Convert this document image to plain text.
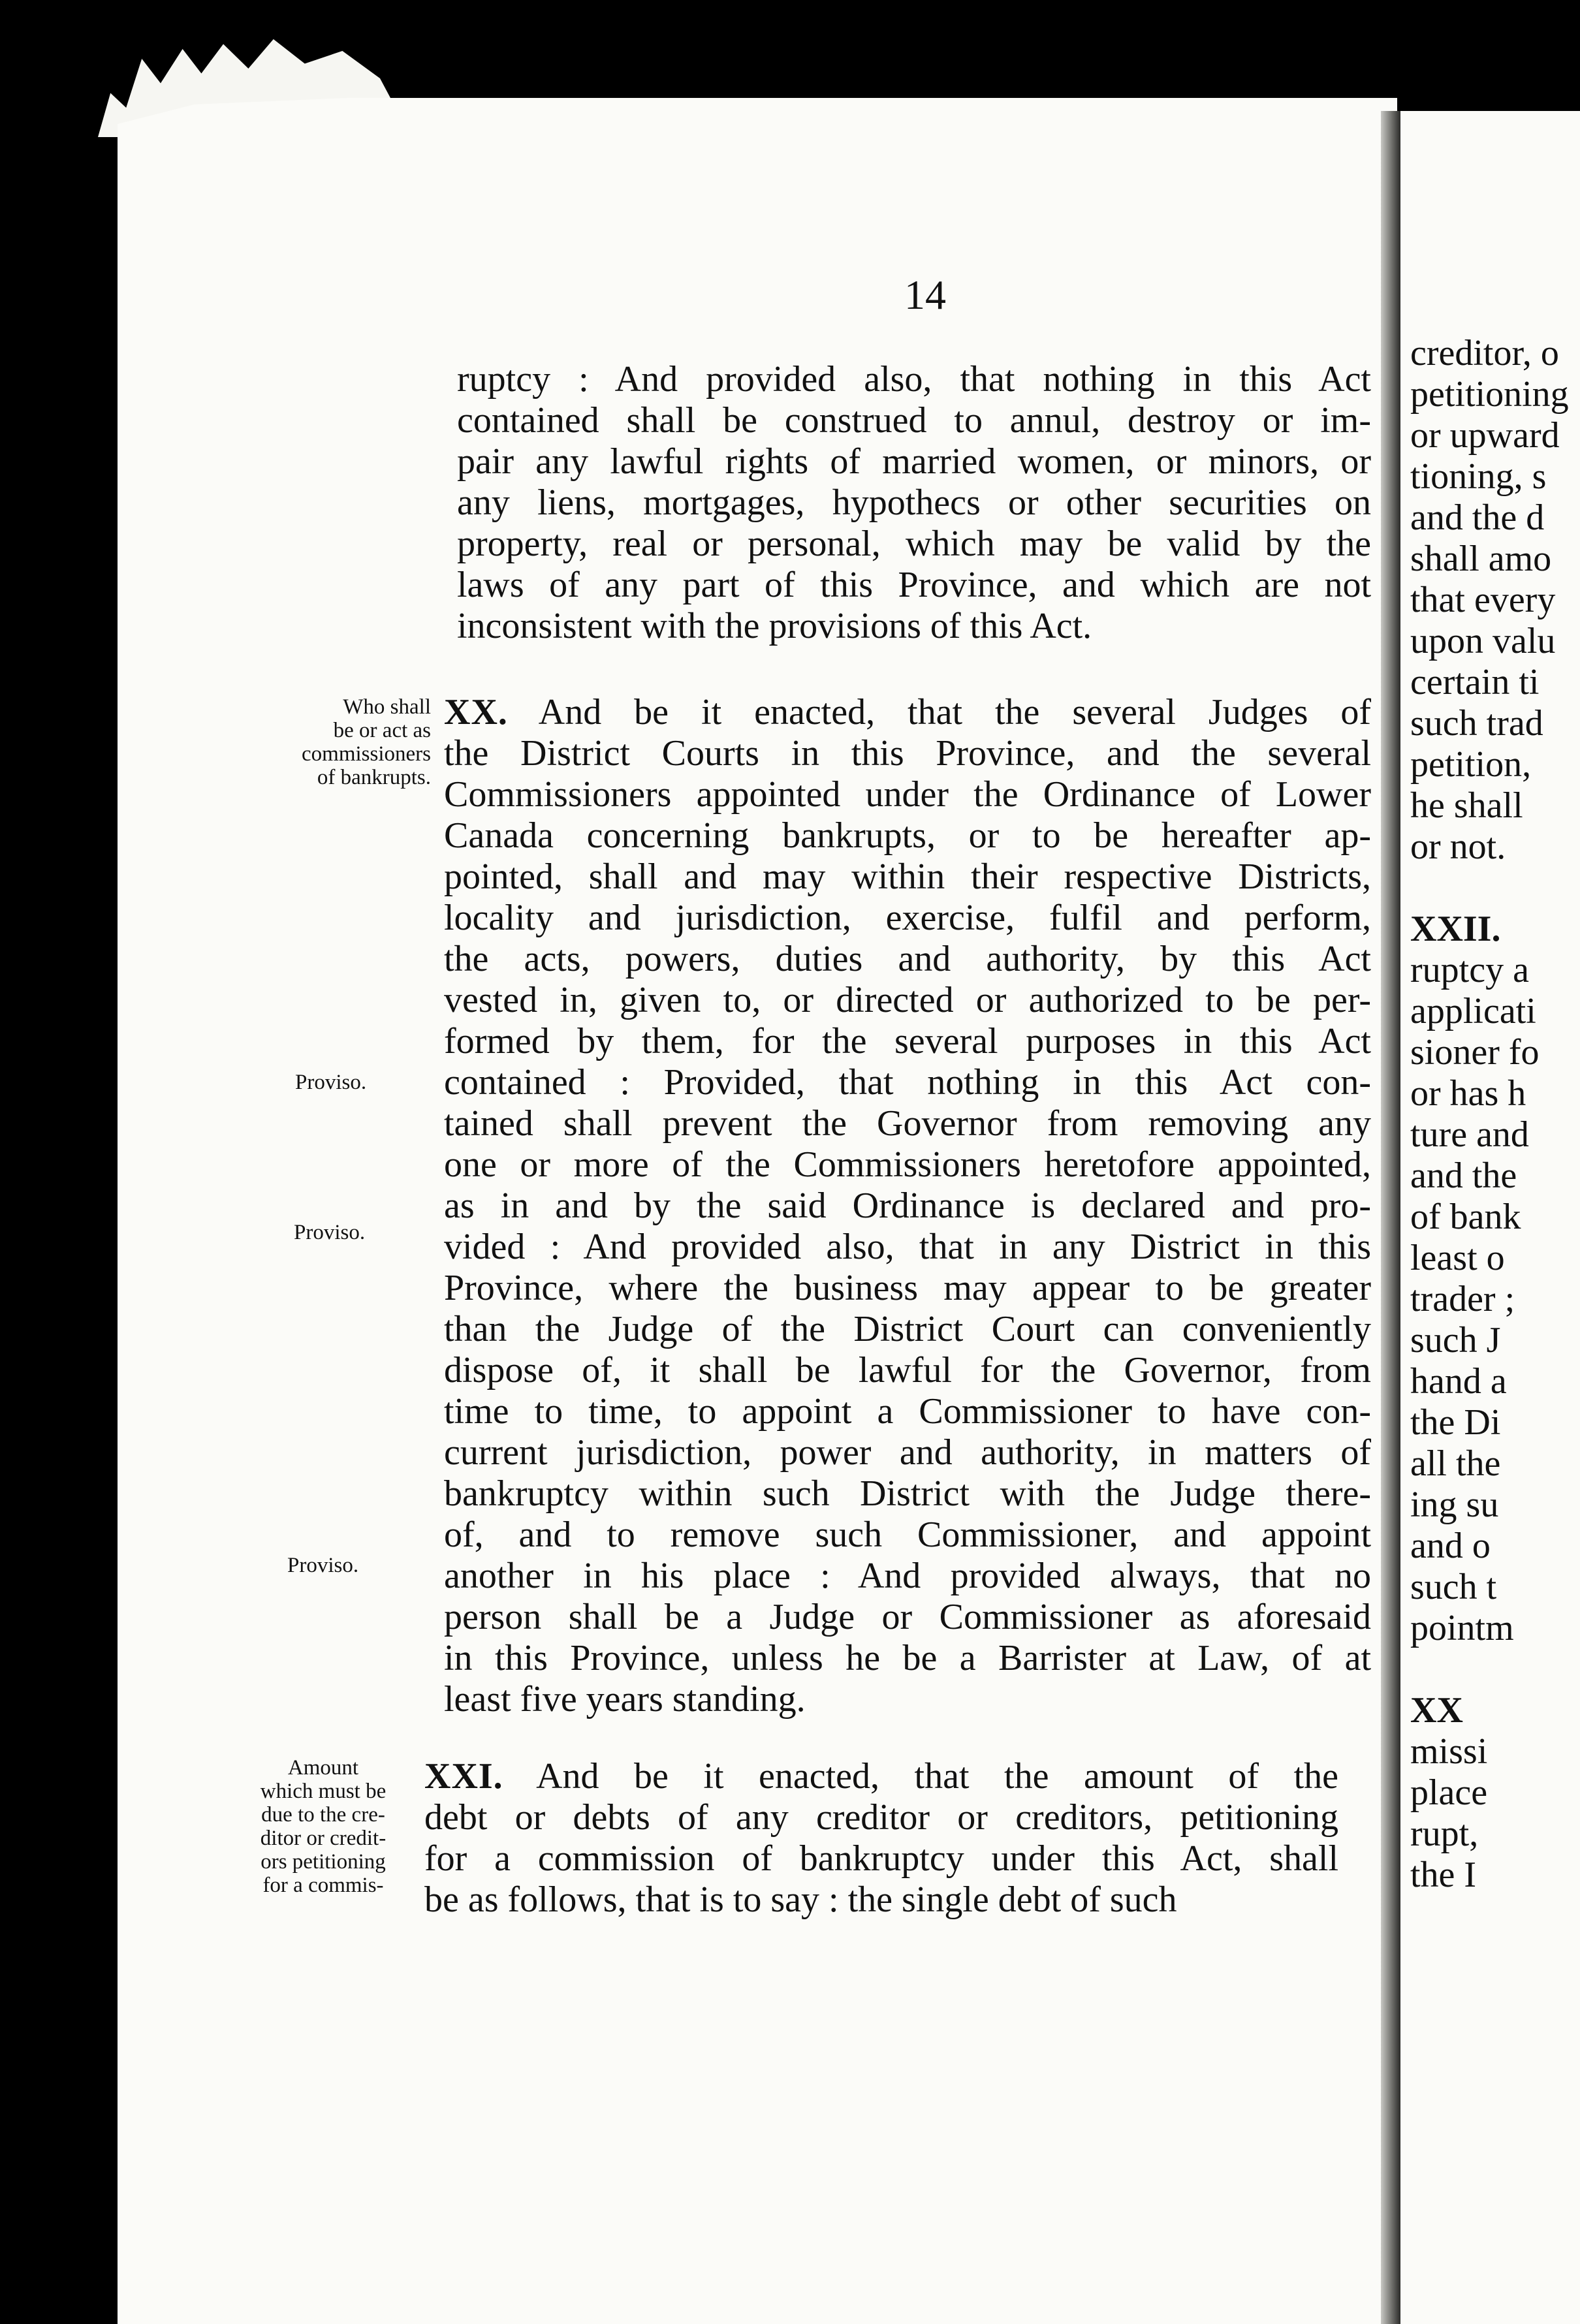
creditor, o
petitioning
or upward
tioning, s
and the d
shall amo
that every
upon valu
certain ti
such trad
petition,
he shall
or not.

XXII.
ruptcy a
applicati
sioner fo
or has h
ture and
and the
of bank
least o
trader ;
such J
hand a
the Di
all the
ing su
and o
such t
pointm

XX
missi
place
rupt,
the I
14
ruptcy : And provided also, that nothing in this Act
contained shall be construed to annul, destroy or im-
pair any lawful rights of married women, or minors, or
any liens, mortgages, hypothecs or other securities on
property, real or personal, which may be valid by the
laws of any part of this Province, and which are not
inconsistent with the provisions of this Act.
XX. And be it enacted, that the several Judges of
the District Courts in this Province, and the several
Commissioners appointed under the Ordinance of Lower
Canada concerning bankrupts, or to be hereafter ap-
pointed, shall and may within their respective Districts,
locality and jurisdiction, exercise, fulfil and perform,
the acts, powers, duties and authority, by this Act
vested in, given to, or directed or authorized to be per-
formed by them, for the several purposes in this Act
contained : Provided, that nothing in this Act con-
tained shall prevent the Governor from removing any
one or more of the Commissioners heretofore appointed,
as in and by the said Ordinance is declared and pro-
vided : And provided also, that in any District in this
Province, where the business may appear to be greater
than the Judge of the District Court can conveniently
dispose of, it shall be lawful for the Governor, from
time to time, to appoint a Commissioner to have con-
current jurisdiction, power and authority, in matters of
bankruptcy within such District with the Judge there-
of, and to remove such Commissioner, and appoint
another in his place : And provided always, that no
person shall be a Judge or Commissioner as aforesaid
in this Province, unless he be a Barrister at Law, of at
least five years standing.
XXI. And be it enacted, that the amount of the
debt or debts of any creditor or creditors, petitioning
for a commission of bankruptcy under this Act, shall
be as follows, that is to say : the single debt of such
Who shall
be or act as
commissioners
of bankrupts.
Proviso.
Proviso.
Proviso.
Amount
which must be
due to the cre-
ditor or credit-
ors petitioning
for a commis-
